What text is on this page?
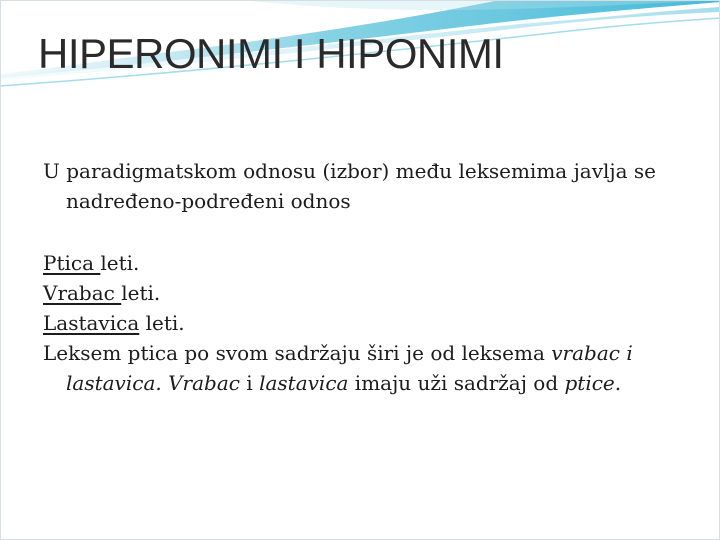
HIPERONIMI I HIPONIMI

U paradigmatskom odnosu (izbor) među leksemima javlja se nadređeno-podređeni odnos

Ptica leti.

Vrabac leti.

Lastavica leti.

Leksem ptica po svom sadržaju širi je od leksema vrabac i lastavica. Vrabac i lastavica imaju uži sadržaj od ptice.
